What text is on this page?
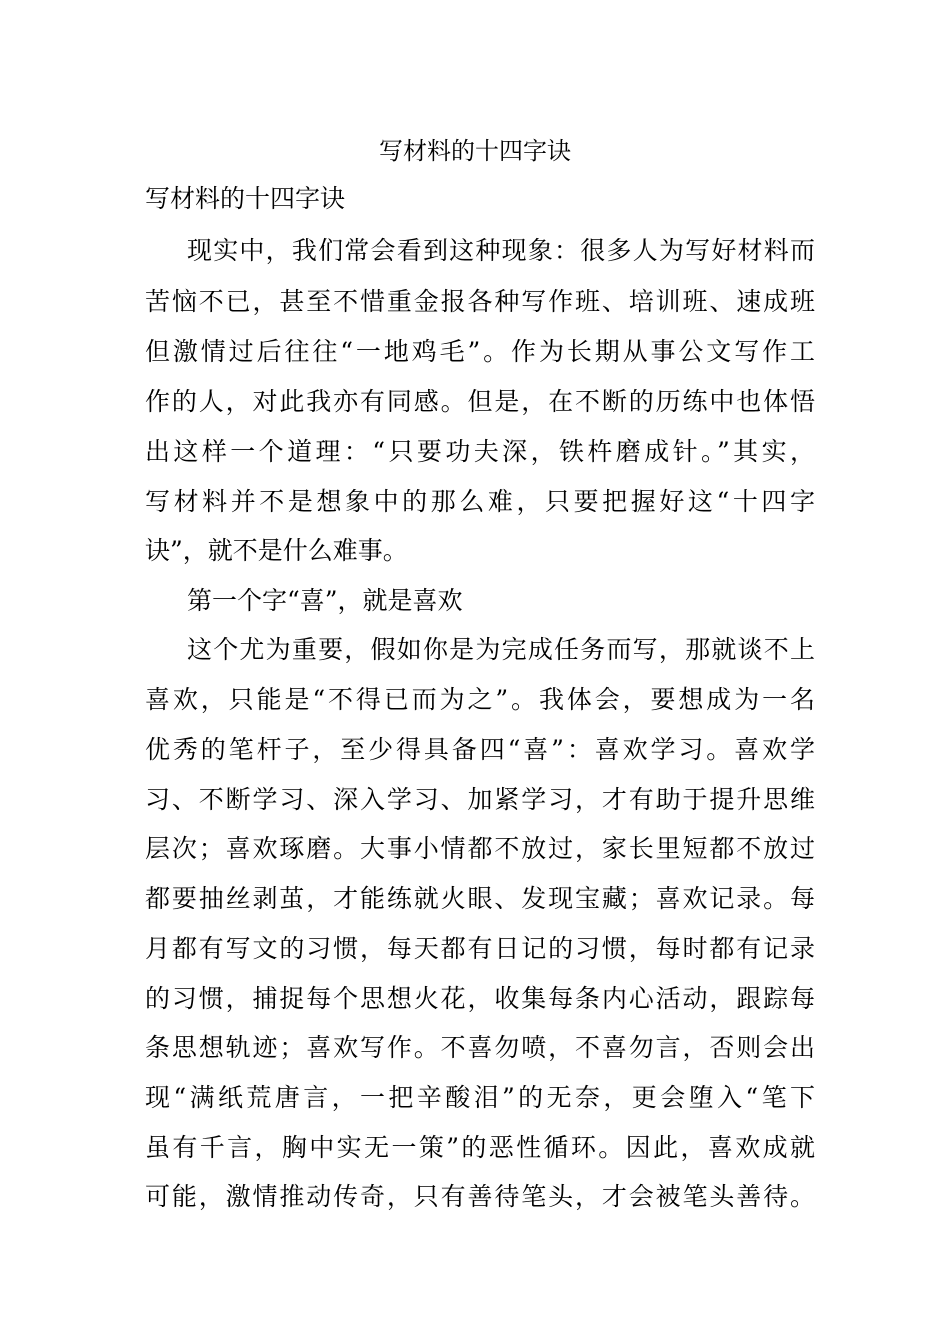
写材料的十四字诀
写材料的十四字诀
现实中，我们常会看到这种现象：很多人为写好材料而
苦恼不已，甚至不惜重金报各种写作班、培训班、速成班
但激情过后往往“一地鸡毛”。作为长期从事公文写作工
作的人，对此我亦有同感。但是，在不断的历练中也体悟
出这样一个道理：“只要功夫深，铁杵磨成针。”其实，
写材料并不是想象中的那么难，只要把握好这“十四字
诀”，就不是什么难事。
第一个字“喜”，就是喜欢
这个尤为重要，假如你是为完成任务而写，那就谈不上
喜欢，只能是“不得已而为之”。我体会，要想成为一名
优秀的笔杆子，至少得具备四“喜”：喜欢学习。喜欢学
习、不断学习、深入学习、加紧学习，才有助于提升思维
层次；喜欢琢磨。大事小情都不放过，家长里短都不放过
都要抽丝剥茧，才能练就火眼、发现宝藏；喜欢记录。每
月都有写文的习惯，每天都有日记的习惯，每时都有记录
的习惯，捕捉每个思想火花，收集每条内心活动，跟踪每
条思想轨迹；喜欢写作。不喜勿喷，不喜勿言，否则会出
现“满纸荒唐言，一把辛酸泪”的无奈，更会堕入“笔下
虽有千言，胸中实无一策”的恶性循环。因此，喜欢成就
可能，激情推动传奇，只有善待笔头，才会被笔头善待。
